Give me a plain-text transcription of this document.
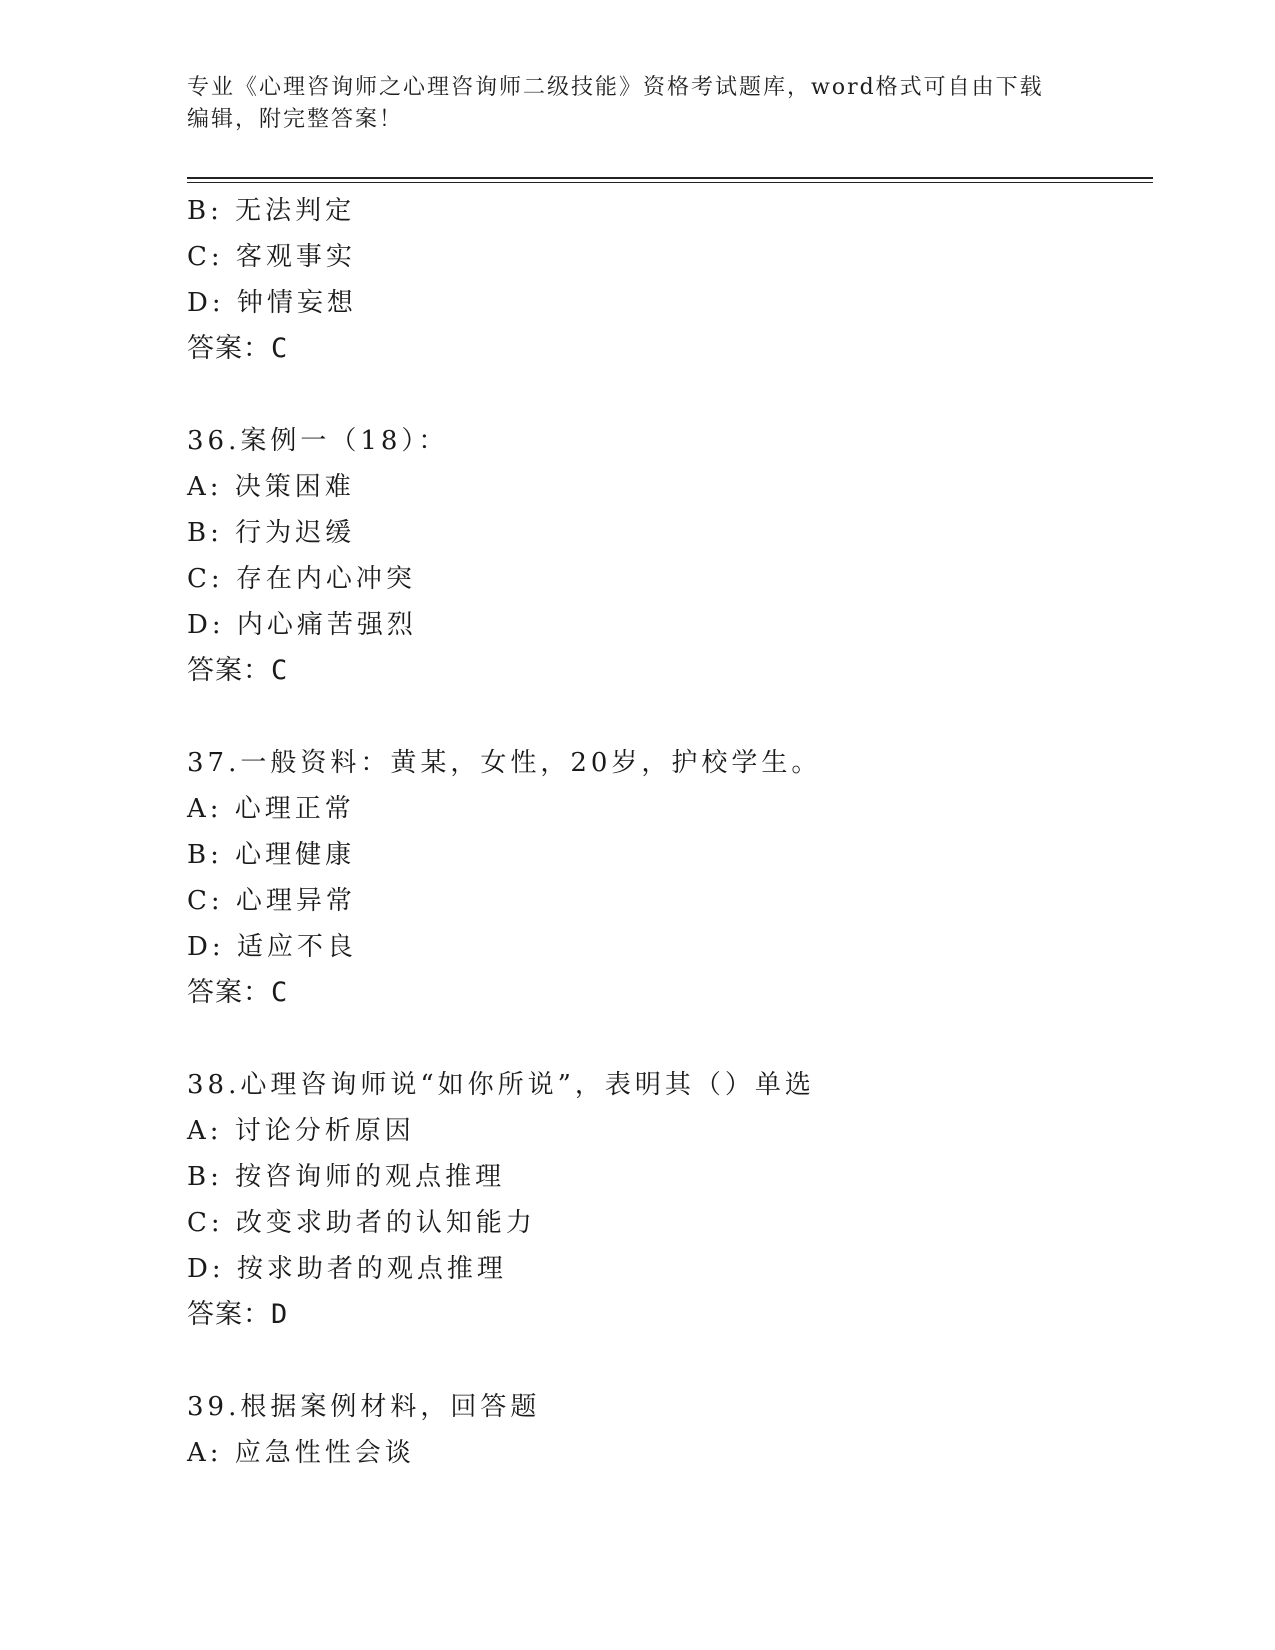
专业《心理咨询师之心理咨询师二级技能》资格考试题库，word格式可自由下载
编辑，附完整答案！
B: 无法判定
C: 客观事实
D: 钟情妄想
答案：C
36.案例一（18）：
A: 决策困难
B: 行为迟缓
C: 存在内心冲突
D: 内心痛苦强烈
答案：C
37.一般资料：黄某，女性，20岁，护校学生。
A: 心理正常
B: 心理健康
C: 心理异常
D: 适应不良
答案：C
38.心理咨询师说“如你所说”，表明其（）单选
A: 讨论分析原因
B: 按咨询师的观点推理
C: 改变求助者的认知能力
D: 按求助者的观点推理
答案：D
39.根据案例材料，回答题
A: 应急性性会谈
